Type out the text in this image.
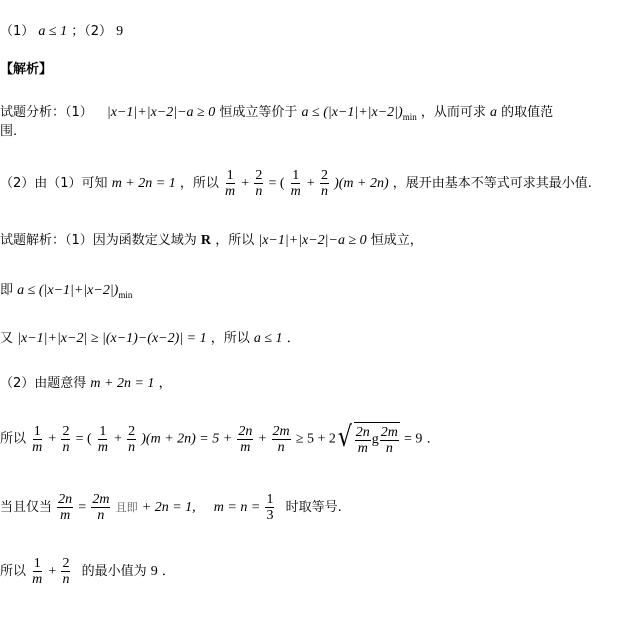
（1） a ≤ 1 ；（2） 9
【解析】
试题分析：（1） |x−1|+|x−2|−a ≥ 0 恒成立等价于 $a \le (|x-1|+|x-2|)_{min}$ ，从而可求 a 的取值范
围.
（2）由（1）可知 m + 2n = 1 ，所以 $\frac{1}{m} + \frac{2}{n}$ = ( $\frac{1}{m} + \frac{2}{n} )(m + 2n)$ ，展开由基本不等式可求其最小值.
试题解析：（1）因为函数定义域为 R ，所以 |x−1|+|x−2|−a ≥ 0 恒成立，
即 $a \le (|x-1|+|x-2|)_{min}$
又 |x−1|+|x−2| ≥ |(x−1)−(x−2)| = 1 ，所以 a ≤ 1 ．
（2）由题意得 m + 2n = 1 ，
所以 $\frac{1}{m} + \frac{2}{n}$ = ( $\frac{1}{m} + \frac{2}{n} )(m + 2n) = 5 + \frac{2n}{m} + \frac{2m}{n} \ge 5 + 2$ √ $\frac{2n}{m}$ g $\frac{2m}{n} = 9$ ．
当且仅当 $\frac{2n}{m} = \frac{2m}{n}$ 且即 + 2n = 1, $m = n = \frac{1}{3}$ 时取等号.
所以 $\frac{1}{m} + \frac{2}{n}$ 的最小值为 9 ．
